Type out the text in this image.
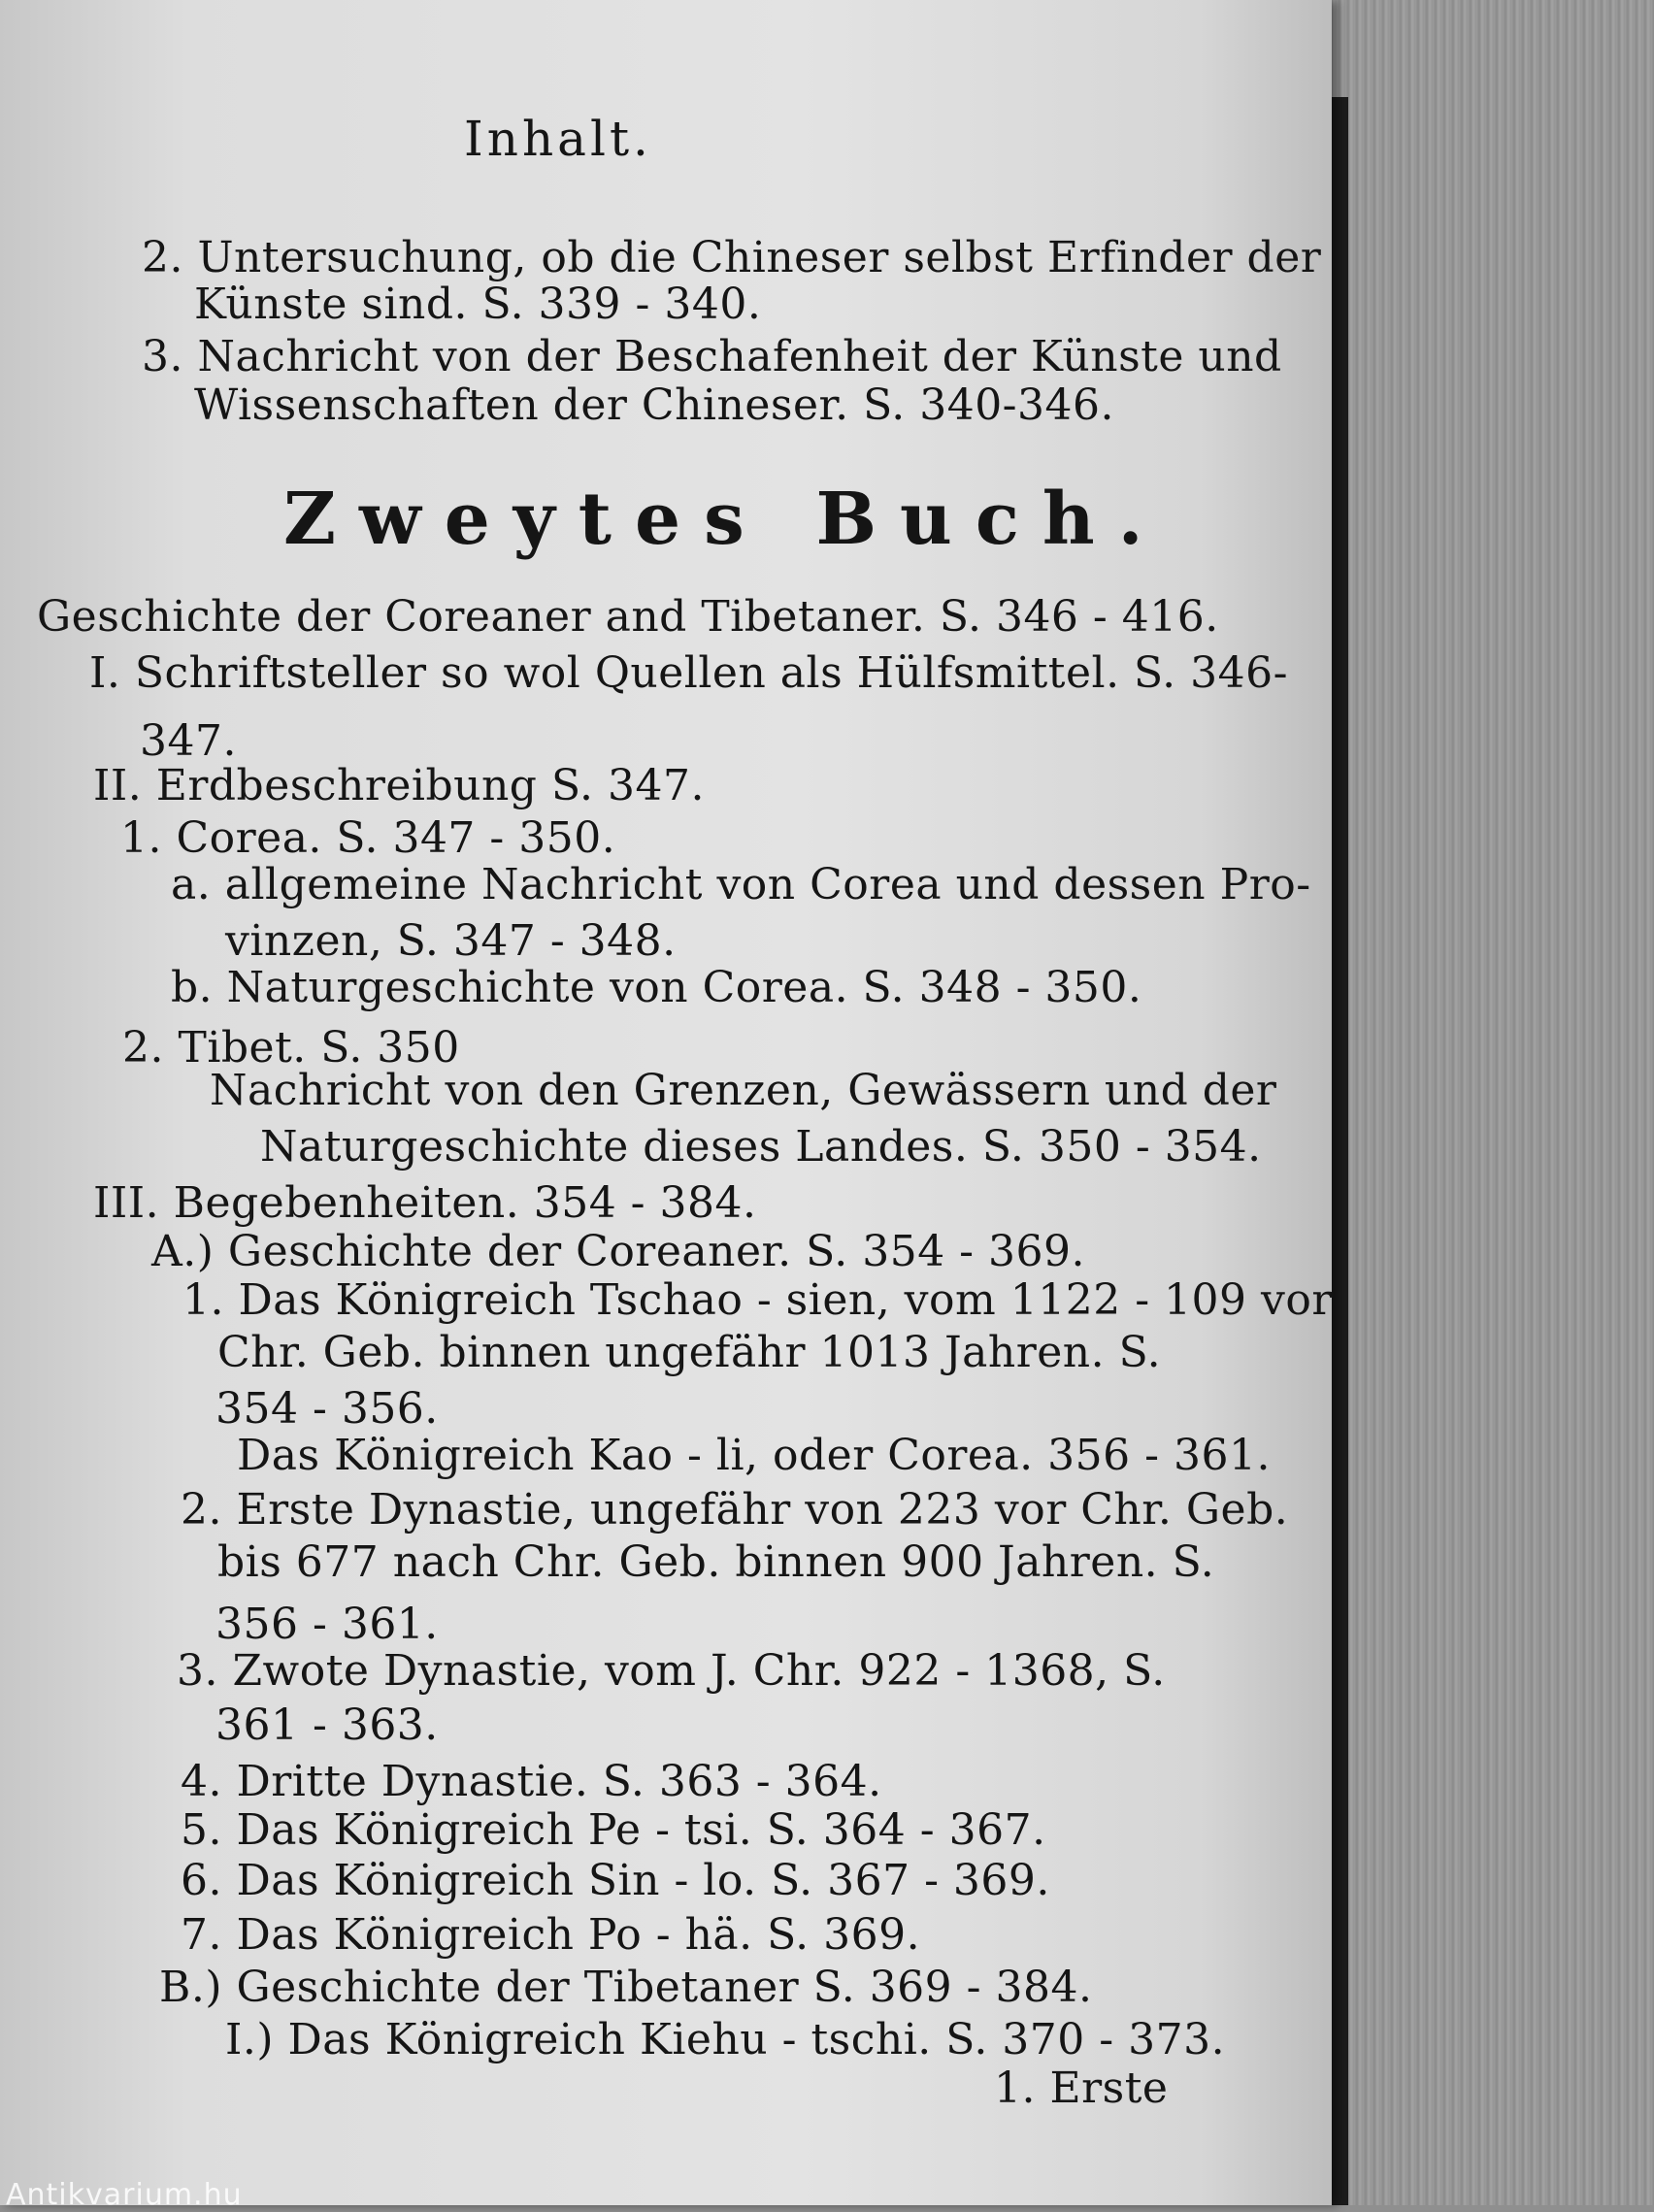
Inhalt.
2. Untersuchung, ob die Chineser selbst Erfinder der
Künste sind. S. 339 - 340.
3. Nachricht von der Beschafenheit der Künste und
Wissenschaften der Chineser. S. 340-346.
Zweytes Buch.
Geschichte der Coreaner and Tibetaner. S. 346 - 416.
I. Schriftsteller so wol Quellen als Hülfsmittel. S. 346-
347.
II. Erdbeschreibung S. 347.
1. Corea. S. 347 - 350.
a. allgemeine Nachricht von Corea und dessen Pro-
vinzen, S. 347 - 348.
b. Naturgeschichte von Corea. S. 348 - 350.
2. Tibet. S. 350
Nachricht von den Grenzen, Gewässern und der
Naturgeschichte dieses Landes. S. 350 - 354.
III. Begebenheiten. 354 - 384.
A.) Geschichte der Coreaner. S. 354 - 369.
1. Das Königreich Tschao - sien, vom 1122 - 109 vor
Chr. Geb. binnen ungefähr 1013 Jahren. S.
354 - 356.
Das Königreich Kao - li, oder Corea. 356 - 361.
2. Erste Dynastie, ungefähr von 223 vor Chr. Geb.
bis 677 nach Chr. Geb. binnen 900 Jahren. S.
356 - 361.
3. Zwote Dynastie, vom J. Chr. 922 - 1368, S.
361 - 363.
4. Dritte Dynastie. S. 363 - 364.
5. Das Königreich Pe - tsi. S. 364 - 367.
6. Das Königreich Sin - lo. S. 367 - 369.
7. Das Königreich Po - hä. S. 369.
B.) Geschichte der Tibetaner S. 369 - 384.
I.) Das Königreich Kiehu - tschi. S. 370 - 373.
1. Erste
Antikvarium.hu
